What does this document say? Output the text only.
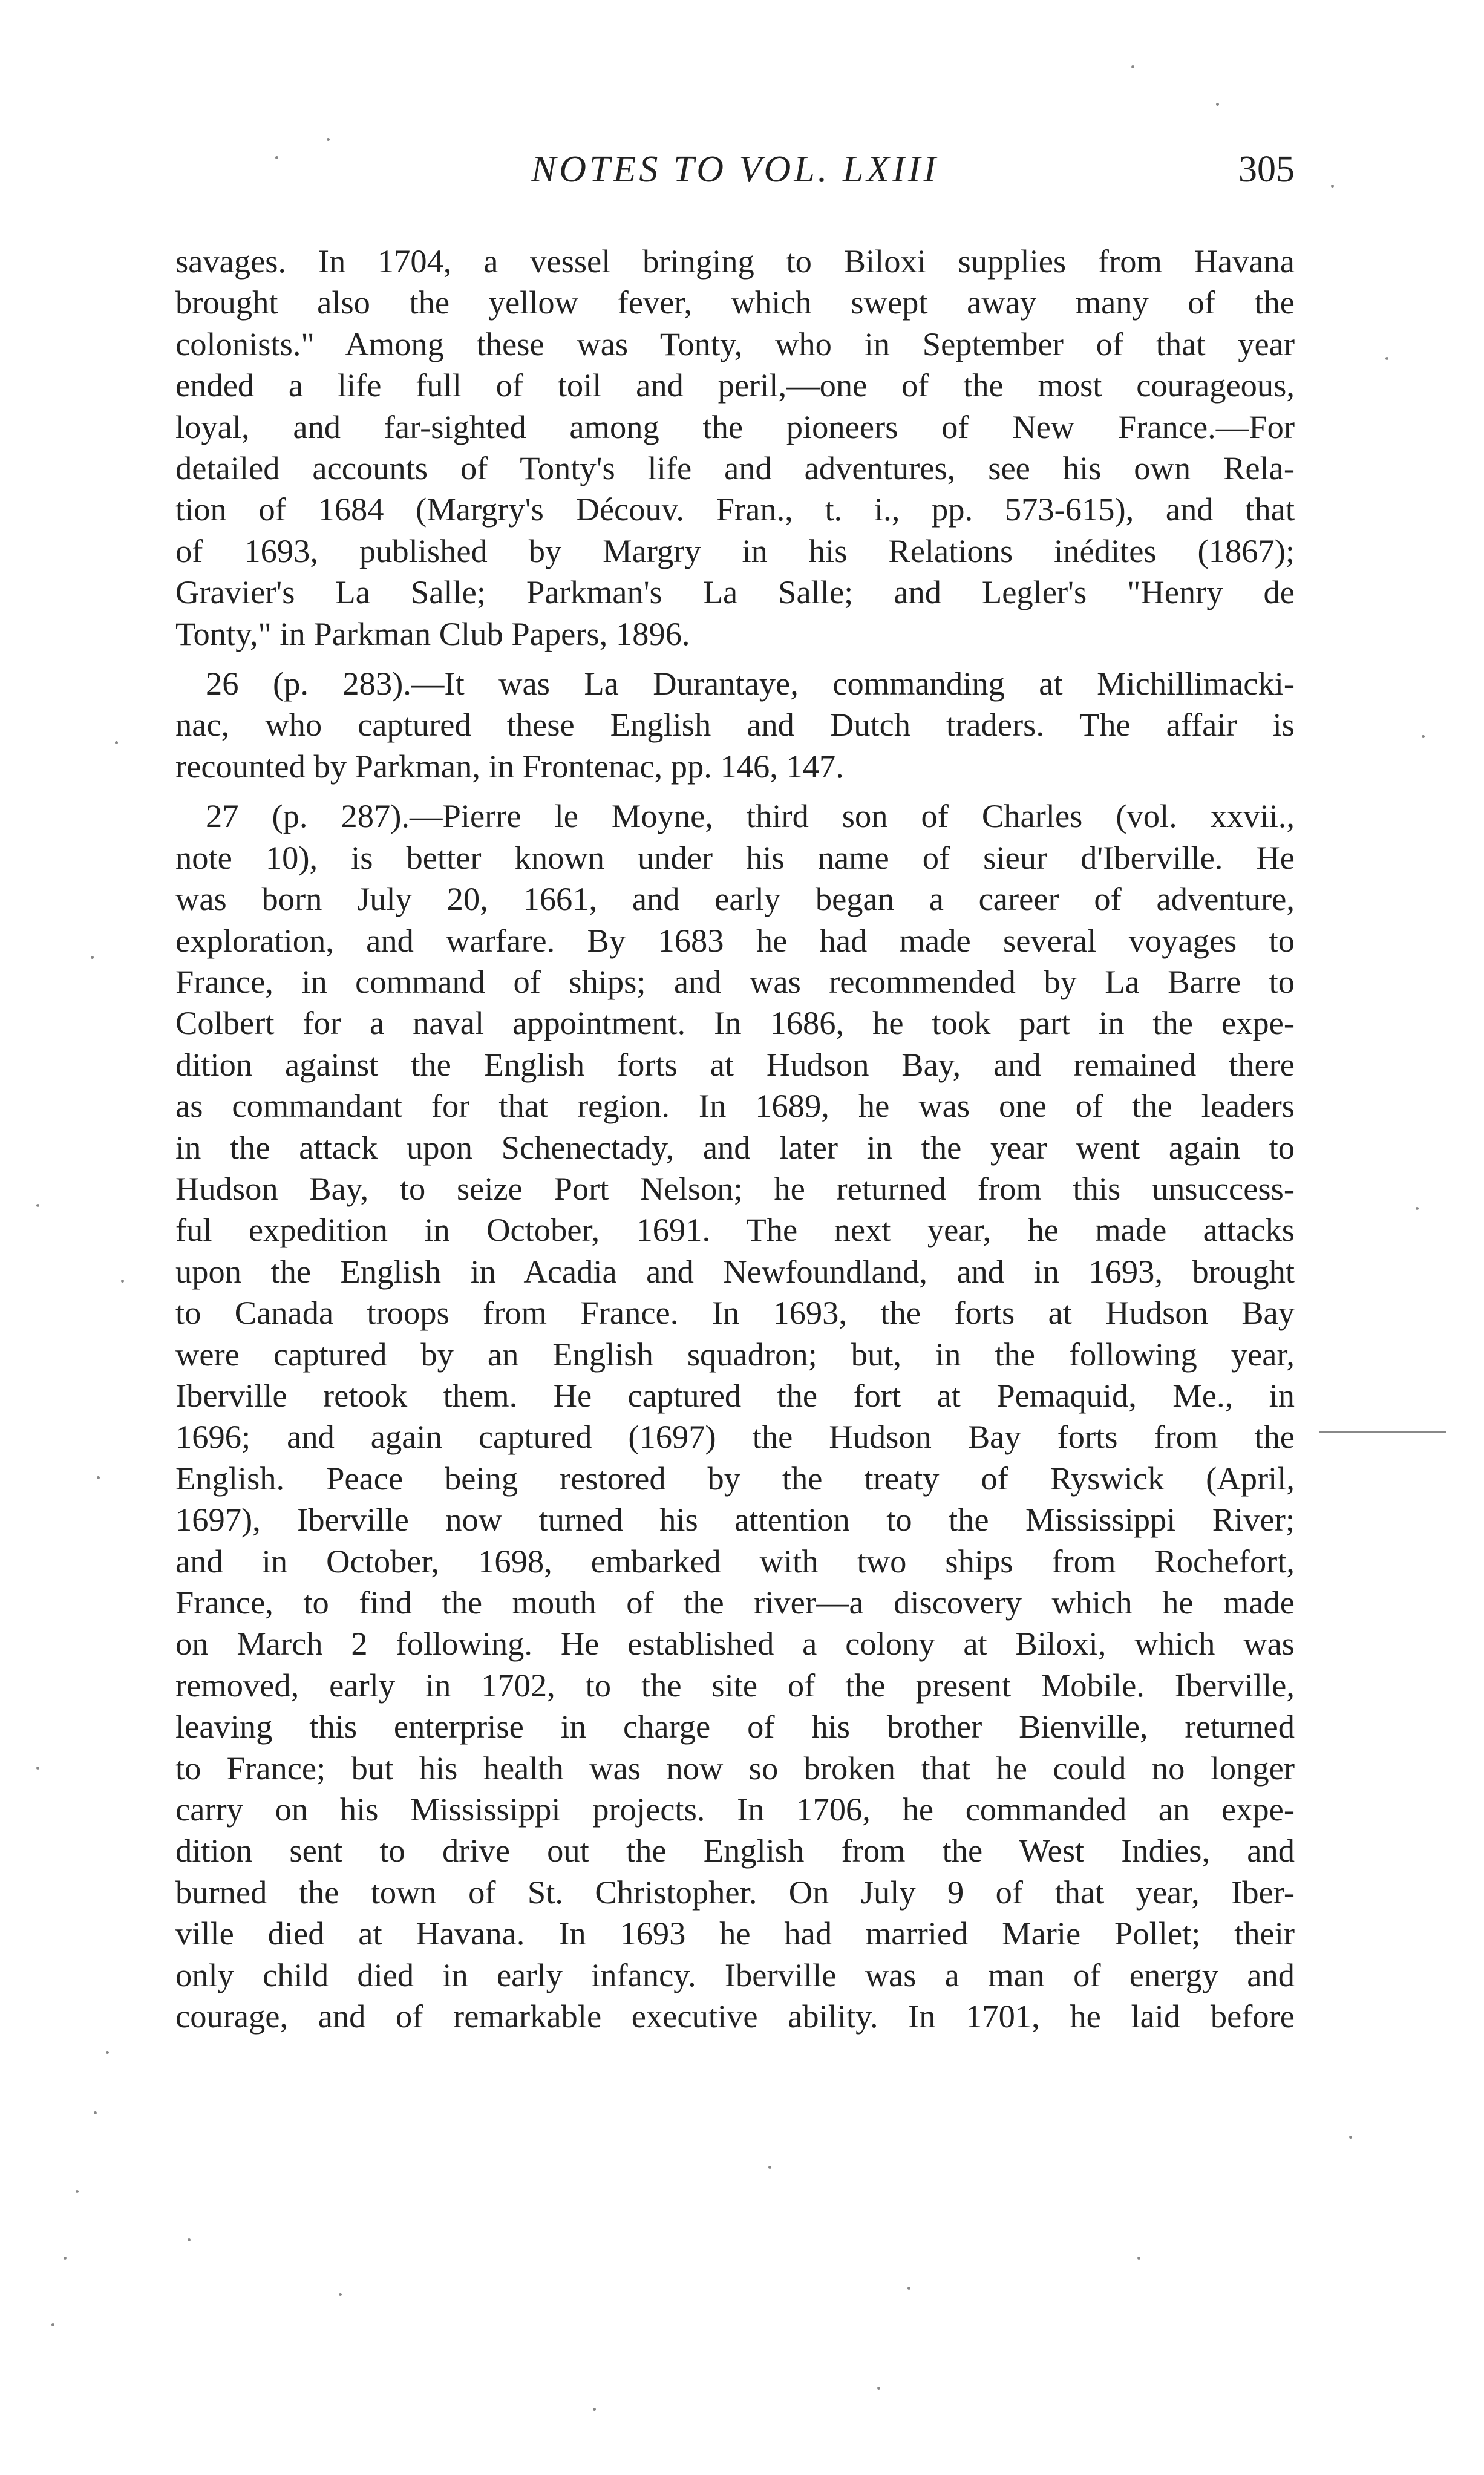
NOTES TO VOL. LXIII	305
savages. In 1704, a vessel bringing to Biloxi supplies from Havana
brought also the yellow fever, which swept away many of the
colonists." Among these was Tonty, who in September of that year
ended a life full of toil and peril,—one of the most courageous,
loyal, and far-sighted among the pioneers of New France.—For
detailed accounts of Tonty's life and adventures, see his own Rela-
tion of 1684 (Margry's Découv. Fran., t. i., pp. 573-615), and that
of 1693, published by Margry in his Relations inédites (1867);
Gravier's La Salle; Parkman's La Salle; and Legler's "Henry de
Tonty," in Parkman Club Papers, 1896.
26 (p. 283).—It was La Durantaye, commanding at Michillimacki-
nac, who captured these English and Dutch traders. The affair is
recounted by Parkman, in Frontenac, pp. 146, 147.
27 (p. 287).—Pierre le Moyne, third son of Charles (vol. xxvii.,
note 10), is better known under his name of sieur d'Iberville. He
was born July 20, 1661, and early began a career of adventure,
exploration, and warfare. By 1683 he had made several voyages to
France, in command of ships; and was recommended by La Barre to
Colbert for a naval appointment. In 1686, he took part in the expe-
dition against the English forts at Hudson Bay, and remained there
as commandant for that region. In 1689, he was one of the leaders
in the attack upon Schenectady, and later in the year went again to
Hudson Bay, to seize Port Nelson; he returned from this unsuccess-
ful expedition in October, 1691. The next year, he made attacks
upon the English in Acadia and Newfoundland, and in 1693, brought
to Canada troops from France. In 1693, the forts at Hudson Bay
were captured by an English squadron; but, in the following year,
Iberville retook them. He captured the fort at Pemaquid, Me., in
1696; and again captured (1697) the Hudson Bay forts from the
English. Peace being restored by the treaty of Ryswick (April,
1697), Iberville now turned his attention to the Mississippi River;
and in October, 1698, embarked with two ships from Rochefort,
France, to find the mouth of the river—a discovery which he made
on March 2 following. He established a colony at Biloxi, which was
removed, early in 1702, to the site of the present Mobile. Iberville,
leaving this enterprise in charge of his brother Bienville, returned
to France; but his health was now so broken that he could no longer
carry on his Mississippi projects. In 1706, he commanded an expe-
dition sent to drive out the English from the West Indies, and
burned the town of St. Christopher. On July 9 of that year, Iber-
ville died at Havana. In 1693 he had married Marie Pollet; their
only child died in early infancy. Iberville was a man of energy and
courage, and of remarkable executive ability. In 1701, he laid before
